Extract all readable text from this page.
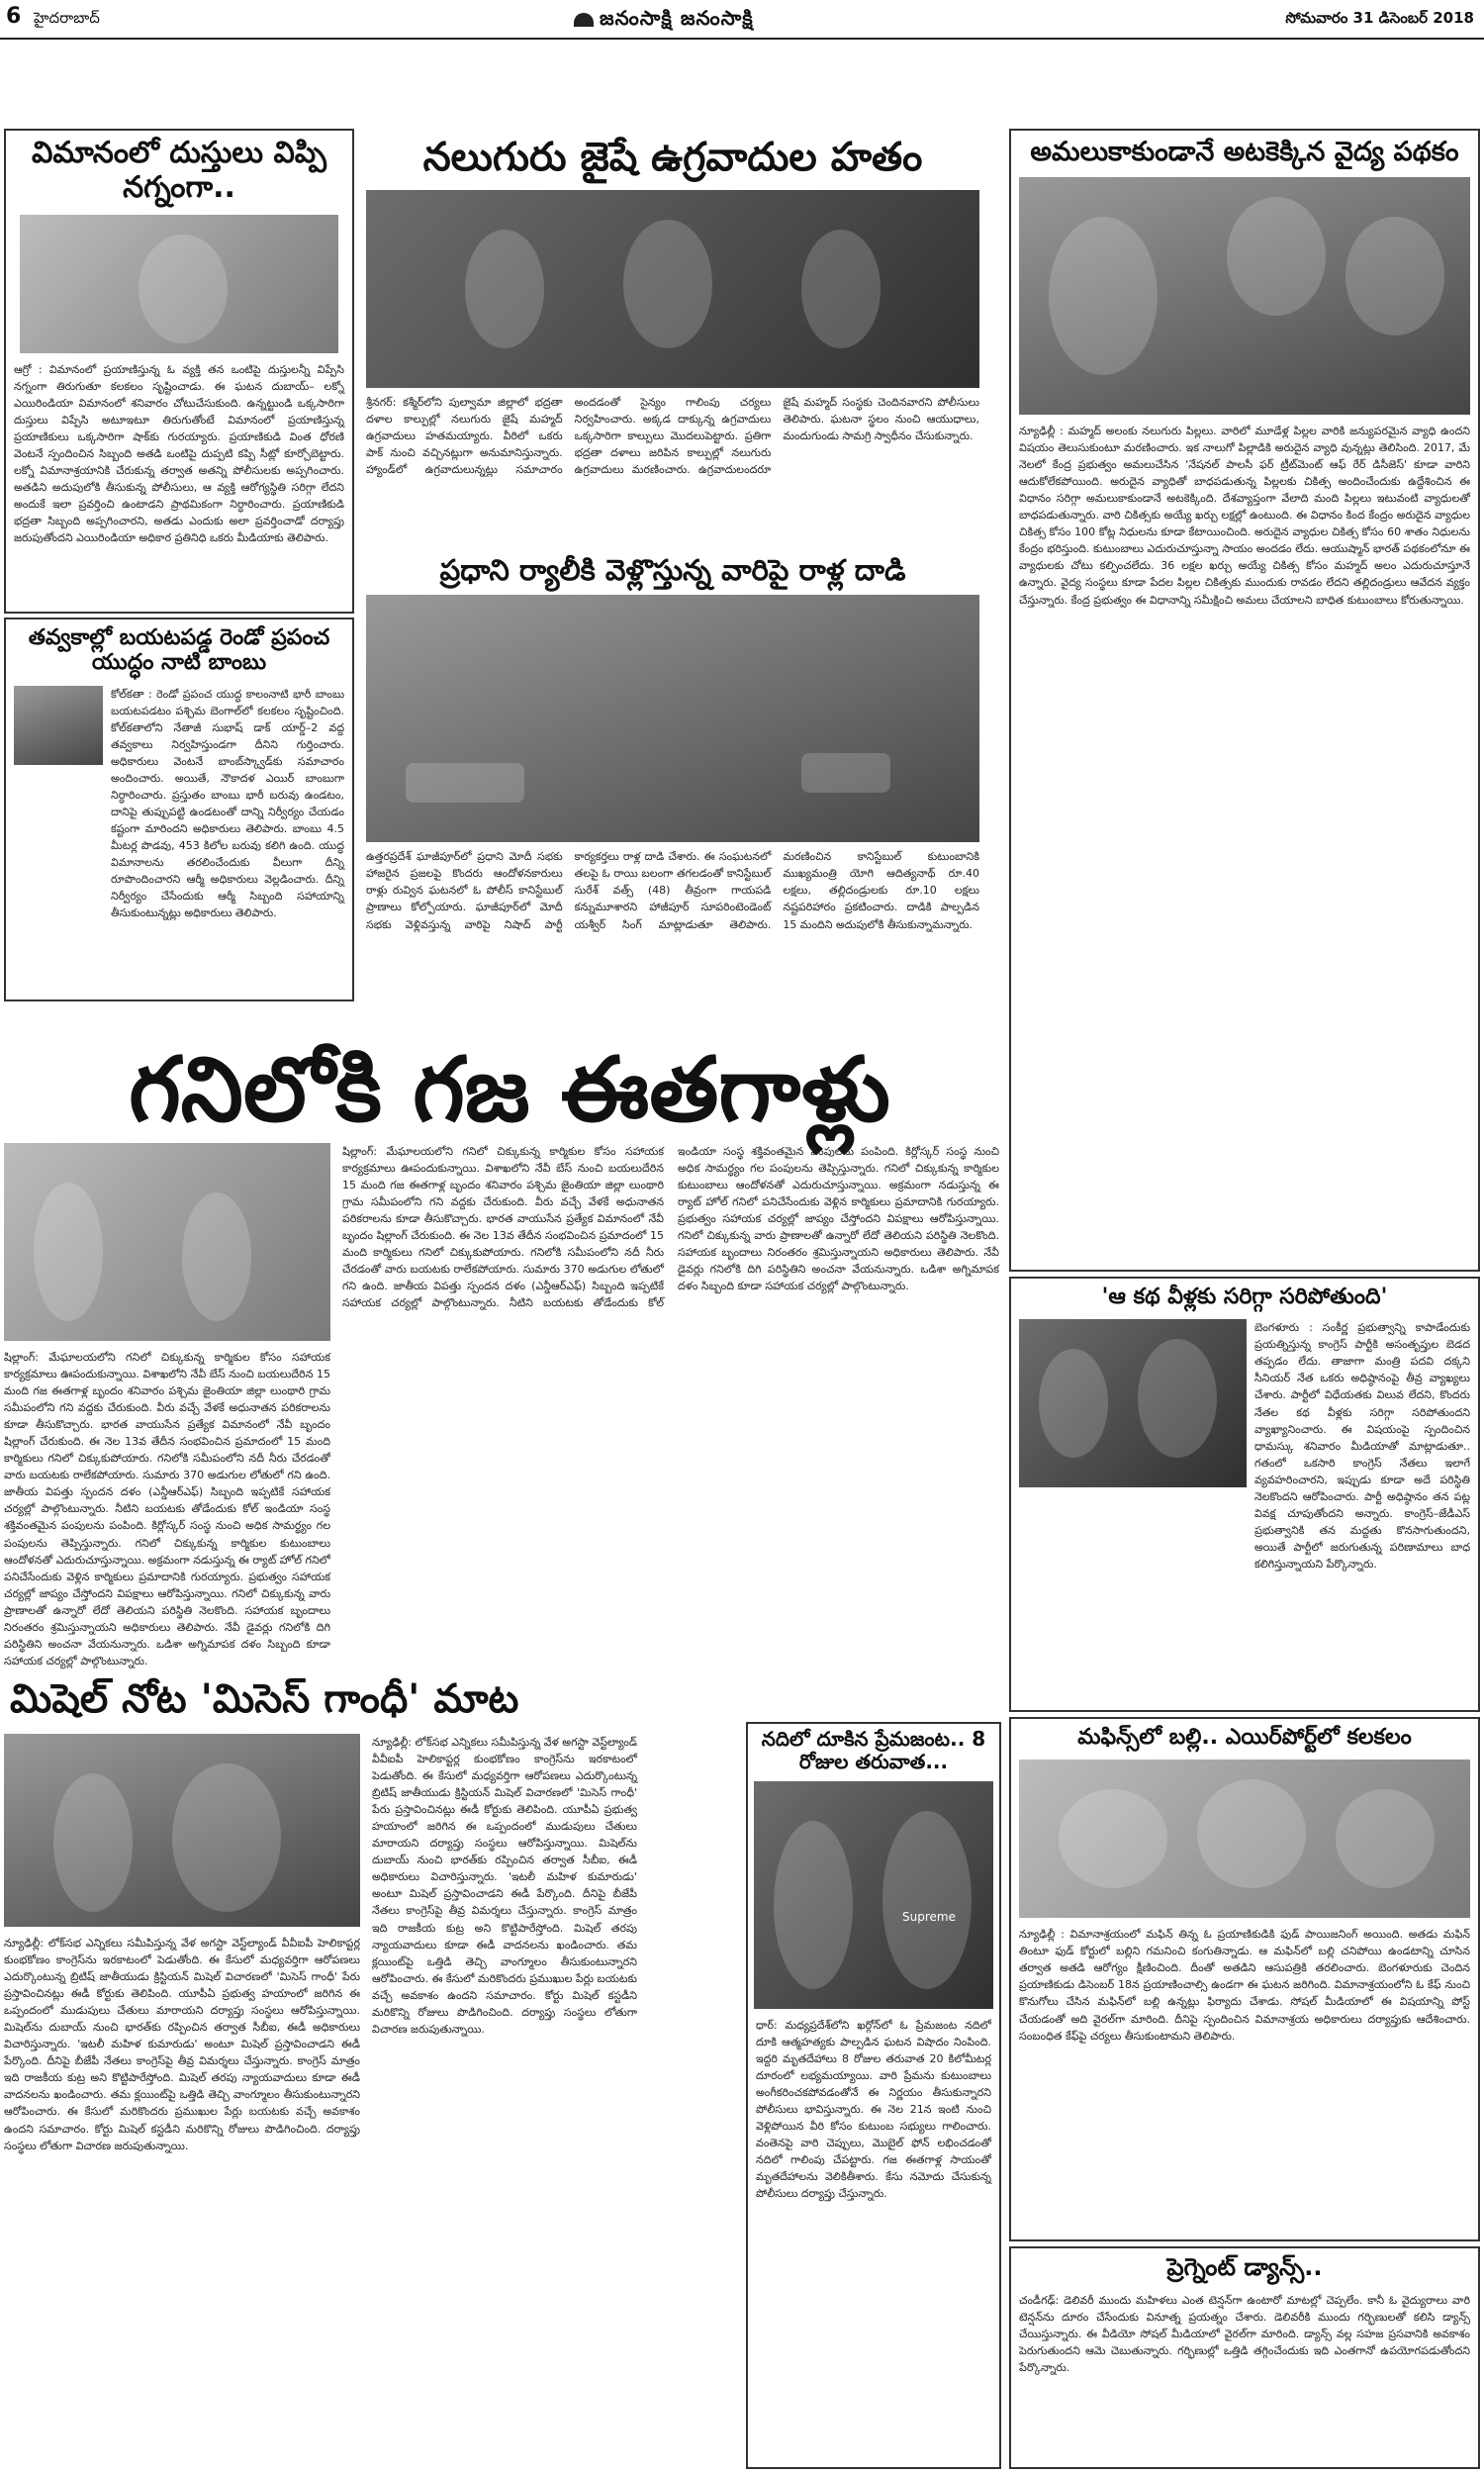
6 హైదరాబాద్	జనంసాక్షి జనంసాక్షి	సోమవారం 31 డిసెంబర్ 2018
విమానంలో దుస్తులు విప్పి నగ్నంగా..
ఆగ్రో : విమానంలో ప్రయాణిస్తున్న ఓ వ్యక్తి తన ఒంటిపై దుస్తులన్నీ విప్పేసి నగ్నంగా తిరుగుతూ కలకలం సృష్టించాడు. ఈ ఘటన దుబాయ్‌– లక్నో ఎయిరిండియా విమానంలో శనివారం చోటుచేసుకుంది. ఉన్నట్టుండి ఒక్కసారిగా దుస్తులు విప్పేసి అటూఇటూ తిరుగుతోంటే విమానంలో ప్రయాణిస్తున్న ప్రయాణికులు ఒక్కసారిగా షాక్‌కు గురయ్యారు. ప్రయాణికుడి వింత ధోరణి వెంటనే స్పందించిన సిబ్బంది అతడి ఒంటిపై దుప్పటి కప్పి సీట్లో కూర్చోబెట్టారు. లక్నో విమానాశ్రయానికి చేరుకున్న తర్వాత అతన్ని పోలీసులకు అప్పగించారు. అతడిని అదుపులోకి తీసుకున్న పోలీసులు, ఆ వ్యక్తి ఆరోగ్యస్థితి సరిగ్గా లేదని అందుకే ఇలా ప్రవర్తించి ఉంటాడని ప్రాథమికంగా నిర్ధారించారు. ప్రయాణికుడి భద్రతా సిబ్బంది అప్పగించారని, అతడు ఎందుకు అలా ప్రవర్తించాడో దర్యాప్తు జరుపుతోందని ఎయిరిండియా అధికార ప్రతినిధి ఒకరు మీడియాకు తెలిపారు.
తవ్వకాల్లో బయటపడ్డ రెండో ప్రపంచ యుద్ధం నాటి బాంబు
కోల్‌కతా : రెండో ప్రపంచ యుద్ధ కాలంనాటి భారీ బాంబు బయటపడటం పశ్చిమ బెంగాల్‌లో కలకలం సృష్టించింది. కోల్‌కతాలోని నేతాజీ సుభాష్‌ డాక్‌ యార్డ్‌–2 వద్ద తవ్వకాలు నిర్వహిస్తుండగా దీనిని గుర్తించారు. అధికారులు వెంటనే బాంబ్‌స్క్వాడ్‌కు సమాచారం అందించారు. అయితే, నౌకాదళ ఎయిర్‌ బాంబుగా నిర్ధారించారు. ప్రస్తుతం బాంబు భారీ బరువు ఉండటం, దానిపై తుప్పుపట్టి ఉండటంతో దాన్ని నిర్వీర్యం చేయడం కష్టంగా మారిందని అధికారులు తెలిపారు. బాంబు 4.5 మీటర్ల పొడవు, 453 కిలోల బరువు కలిగి ఉంది. యుద్ధ విమానాలను తరలించేందుకు వీలుగా దీన్ని రూపొందించారని ఆర్మీ అధికారులు వెల్లడించారు. దీన్ని నిర్వీర్యం చేసేందుకు ఆర్మీ సిబ్బంది సహాయాన్ని తీసుకుంటున్నట్లు అధికారులు తెలిపారు.
నలుగురు జైషే ఉగ్రవాదుల హతం
శ్రీనగర్‌: కశ్మీర్‌లోని పుల్వామా జిల్లాలో భద్రతా దళాల కాల్పుల్లో నలుగురు జైషే మహ్మద్‌ ఉగ్రవాదులు హతమయ్యారు. వీరిలో ఒకరు పాక్‌ నుంచి వచ్చినట్లుగా అనుమానిస్తున్నారు. హ్యాండ్‌లో ఉగ్రవాదులున్నట్లు సమాచారం అందడంతో సైన్యం గాలింపు చర్యలు నిర్వహించారు. అక్కడ దాక్కున్న ఉగ్రవాదులు ఒక్కసారిగా కాల్పులు మొదలుపెట్టారు. ప్రతిగా భద్రతా దళాలు జరిపిన కాల్పుల్లో నలుగురు ఉగ్రవాదులు మరణించారు. ఉగ్రవాదులందరూ జైషే మహ్మద్‌ సంస్థకు చెందినవారని పోలీసులు తెలిపారు. ఘటనా స్థలం నుంచి ఆయుధాలు, మందుగుండు సామగ్రి స్వాధీనం చేసుకున్నారు.
ప్రధాని ర్యాలీకి వెళ్లొస్తున్న వారిపై రాళ్ల దాడి
ఉత్తరప్రదేశ్‌ ఘాజీపూర్‌లో ప్రధాని మోదీ సభకు హాజరైన ప్రజలపై కొందరు ఆందోళనకారులు రాళ్లు రువ్విన ఘటనలో ఓ పోలీస్‌ కానిస్టేబుల్‌ ప్రాణాలు కోల్పోయారు. ఘాజీపూర్‌లో మోదీ సభకు వెళ్లివస్తున్న వారిపై నిషాద్‌ పార్టీ కార్యకర్తలు రాళ్ల దాడి చేశారు. ఈ సంఘటనలో తలపై ఓ రాయి బలంగా తగలడంతో కానిస్టేబుల్‌ సురేశ్‌ వత్స్‌ (48) తీవ్రంగా గాయపడి కన్నుమూశారని హాజీపూర్‌ సూపరింటెండెంట్‌ యశ్వీర్‌ సింగ్‌ మాట్లాడుతూ తెలిపారు. మరణించిన కానిస్టేబుల్‌ కుటుంబానికి ముఖ్యమంత్రి యోగి ఆదిత్యనాథ్‌ రూ.40 లక్షలు, తల్లిదండ్రులకు రూ.10 లక్షలు నష్టపరిహారం ప్రకటించారు. దాడికి పాల్పడిన 15 మందిని అదుపులోకి తీసుకున్నామన్నారు.
అమలుకాకుండానే అటకెక్కిన వైద్య పథకం
న్యూఢిల్లీ : మహ్మద్‌ అలంకు నలుగురు పిల్లలు. వారిలో మూడేళ్ల పిల్లల వారికి జన్యుపరమైన వ్యాధి ఉందని విషయం తెలుసుకుంటూ మరణించారు. ఇక నాలుగో పిల్లాడికి అరుదైన వ్యాధి వున్నట్లు తెలిసింది. 2017, మే నెలలో కేంద్ర ప్రభుత్వం అమలుచేసిన 'నేషనల్‌ పాలసీ ఫర్‌ ట్రీట్‌మెంట్‌ ఆఫ్‌ రేర్‌ డిసీజెస్‌' కూడా వారిని ఆదుకోలేకపోయింది. అరుదైన వ్యాధితో బాధపడుతున్న పిల్లలకు చికిత్స అందించేందుకు ఉద్దేశించిన ఈ విధానం సరిగ్గా అమలుకాకుండానే అటకెక్కింది. దేశవ్యాప్తంగా వేలాది మంది పిల్లలు ఇటువంటి వ్యాధులతో బాధపడుతున్నారు. వారి చికిత్సకు అయ్యే ఖర్చు లక్షల్లో ఉంటుంది. ఈ విధానం కింద కేంద్రం అరుదైన వ్యాధుల చికిత్స కోసం 100 కోట్ల నిధులను కూడా కేటాయించింది. అరుదైన వ్యాధుల చికిత్స కోసం 60 శాతం నిధులను కేంద్రం భరిస్తుంది. కుటుంబాలు ఎదురుచూస్తున్నా సాయం అందడం లేదు. ఆయుష్మాన్‌ భారత్‌ పథకంలోనూ ఈ వ్యాధులకు చోటు కల్పించలేదు. 36 లక్షల ఖర్చు అయ్యే చికిత్స కోసం మహ్మద్‌ అలం ఎదురుచూస్తూనే ఉన్నారు. వైద్య సంస్థలు కూడా పేదల పిల్లల చికిత్సకు ముందుకు రావడం లేదని తల్లిదండ్రులు ఆవేదన వ్యక్తం చేస్తున్నారు. కేంద్ర ప్రభుత్వం ఈ విధానాన్ని సమీక్షించి అమలు చేయాలని బాధిత కుటుంబాలు కోరుతున్నాయి.
గనిలోకి గజ ఈతగాళ్లు
షిల్లాంగ్‌: మేఘాలయలోని గనిలో చిక్కుకున్న కార్మికుల కోసం సహాయక కార్యక్రమాలు ఊపందుకున్నాయి. విశాఖలోని నేవీ బేస్‌ నుంచి బయలుదేరిన 15 మంది గజ ఈతగాళ్ల బృందం శనివారం పశ్చిమ జైంతియా జిల్లా లుంథారి గ్రామ సమీపంలోని గని వద్దకు చేరుకుంది. వీరు వచ్చే వేళకే అధునాతన పరికరాలను కూడా తీసుకొచ్చారు. భారత వాయుసేన ప్రత్యేక విమానంలో నేవీ బృందం షిల్లాంగ్‌ చేరుకుంది. ఈ నెల 13వ తేదీన సంభవించిన ప్రమాదంలో 15 మంది కార్మికులు గనిలో చిక్కుకుపోయారు. గనిలోకి సమీపంలోని నదీ నీరు చేరడంతో వారు బయటకు రాలేకపోయారు. సుమారు 370 అడుగుల లోతులో గని ఉంది. జాతీయ విపత్తు స్పందన దళం (ఎన్డీఆర్‌ఎఫ్‌) సిబ్బంది ఇప్పటికే సహాయక చర్యల్లో పాల్గొంటున్నారు. నీటిని బయటకు తోడేందుకు కోల్‌ ఇండియా సంస్థ శక్తివంతమైన పంపులను పంపింది. కిర్లోస్కర్‌ సంస్థ నుంచి అధిక సామర్థ్యం గల పంపులను తెప్పిస్తున్నారు. గనిలో చిక్కుకున్న కార్మికుల కుటుంబాలు ఆందోళనతో ఎదురుచూస్తున్నాయి. అక్రమంగా నడుస్తున్న ఈ ర్యాట్‌ హోల్‌ గనిలో పనిచేసేందుకు వెళ్లిన కార్మికులు ప్రమాదానికి గురయ్యారు. ప్రభుత్వం సహాయక చర్యల్లో జాప్యం చేస్తోందని విపక్షాలు ఆరోపిస్తున్నాయి. గనిలో చిక్కుకున్న వారు ప్రాణాలతో ఉన్నారో లేదో తెలియని పరిస్థితి నెలకొంది. సహాయక బృందాలు నిరంతరం శ్రమిస్తున్నాయని అధికారులు తెలిపారు. నేవీ డైవర్లు గనిలోకి దిగి పరిస్థితిని అంచనా వేయనున్నారు. ఒడిశా అగ్నిమాపక దళం సిబ్బంది కూడా సహాయక చర్యల్లో పాల్గొంటున్నారు.
షిల్లాంగ్‌: మేఘాలయలోని గనిలో చిక్కుకున్న కార్మికుల కోసం సహాయక కార్యక్రమాలు ఊపందుకున్నాయి. విశాఖలోని నేవీ బేస్‌ నుంచి బయలుదేరిన 15 మంది గజ ఈతగాళ్ల బృందం శనివారం పశ్చిమ జైంతియా జిల్లా లుంథారి గ్రామ సమీపంలోని గని వద్దకు చేరుకుంది. వీరు వచ్చే వేళకే అధునాతన పరికరాలను కూడా తీసుకొచ్చారు. భారత వాయుసేన ప్రత్యేక విమానంలో నేవీ బృందం షిల్లాంగ్‌ చేరుకుంది. ఈ నెల 13వ తేదీన సంభవించిన ప్రమాదంలో 15 మంది కార్మికులు గనిలో చిక్కుకుపోయారు. గనిలోకి సమీపంలోని నదీ నీరు చేరడంతో వారు బయటకు రాలేకపోయారు. సుమారు 370 అడుగుల లోతులో గని ఉంది. జాతీయ విపత్తు స్పందన దళం (ఎన్డీఆర్‌ఎఫ్‌) సిబ్బంది ఇప్పటికే సహాయక చర్యల్లో పాల్గొంటున్నారు. నీటిని బయటకు తోడేందుకు కోల్‌ ఇండియా సంస్థ శక్తివంతమైన పంపులను పంపింది. కిర్లోస్కర్‌ సంస్థ నుంచి అధిక సామర్థ్యం గల పంపులను తెప్పిస్తున్నారు. గనిలో చిక్కుకున్న కార్మికుల కుటుంబాలు ఆందోళనతో ఎదురుచూస్తున్నాయి. అక్రమంగా నడుస్తున్న ఈ ర్యాట్‌ హోల్‌ గనిలో పనిచేసేందుకు వెళ్లిన కార్మికులు ప్రమాదానికి గురయ్యారు. ప్రభుత్వం సహాయక చర్యల్లో జాప్యం చేస్తోందని విపక్షాలు ఆరోపిస్తున్నాయి. గనిలో చిక్కుకున్న వారు ప్రాణాలతో ఉన్నారో లేదో తెలియని పరిస్థితి నెలకొంది. సహాయక బృందాలు నిరంతరం శ్రమిస్తున్నాయని అధికారులు తెలిపారు. నేవీ డైవర్లు గనిలోకి దిగి పరిస్థితిని అంచనా వేయనున్నారు. ఒడిశా అగ్నిమాపక దళం సిబ్బంది కూడా సహాయక చర్యల్లో పాల్గొంటున్నారు.	'ఆ కథ వీళ్లకు సరిగ్గా సరిపోతుంది'
బెంగళూరు : సంకీర్ణ ప్రభుత్వాన్ని కాపాడేందుకు ప్రయత్నిస్తున్న కాంగ్రెస్‌ పార్టీకి అసంతృప్తుల బెడద తప్పడం లేదు. తాజాగా మంత్రి పదవి దక్కని సీనియర్‌ నేత ఒకరు అధిష్ఠానంపై తీవ్ర వ్యాఖ్యలు చేశారు. పార్టీలో విధేయతకు విలువ లేదని, కొందరు నేతల కథ వీళ్లకు సరిగ్గా సరిపోతుందని వ్యాఖ్యానించారు. ఈ విషయంపై స్పందించిన ధామస్కు శనివారం మీడియాతో మాట్లాడుతూ.. గతంలో ఒకసారి కాంగ్రెస్‌ నేతలు ఇలాగే వ్యవహరించారని, ఇప్పుడు కూడా అదే పరిస్థితి నెలకొందని ఆరోపించారు. పార్టీ అధిష్ఠానం తన పట్ల వివక్ష చూపుతోందని అన్నారు. కాంగ్రెస్‌–జేడీఎస్‌ ప్రభుత్వానికి తన మద్దతు కొనసాగుతుందని, అయితే పార్టీలో జరుగుతున్న పరిణామాలు బాధ కలిగిస్తున్నాయని పేర్కొన్నారు.
మిషెల్‌ నోట 'మిసెస్‌ గాంధీ' మాట
న్యూఢిల్లీ: లోక్‌సభ ఎన్నికలు సమీపిస్తున్న వేళ అగస్టా వెస్ట్‌ల్యాండ్‌ వీవీఐపీ హెలికాప్టర్ల కుంభకోణం కాంగ్రెస్‌ను ఇరకాటంలో పెడుతోంది. ఈ కేసులో మధ్యవర్తిగా ఆరోపణలు ఎదుర్కొంటున్న బ్రిటిష్‌ జాతీయుడు క్రిస్టియన్‌ మిషెల్‌ విచారణలో 'మిసెస్‌ గాంధీ' పేరు ప్రస్తావించినట్లు ఈడీ కోర్టుకు తెలిపింది. యూపీఏ ప్రభుత్వ హయాంలో జరిగిన ఈ ఒప్పందంలో ముడుపులు చేతులు మారాయని దర్యాప్తు సంస్థలు ఆరోపిస్తున్నాయి. మిషెల్‌ను దుబాయ్‌ నుంచి భారత్‌కు రప్పించిన తర్వాత సీబీఐ, ఈడీ అధికారులు విచారిస్తున్నారు. 'ఇటలీ మహిళ కుమారుడు' అంటూ మిషెల్‌ ప్రస్తావించాడని ఈడీ పేర్కొంది. దీనిపై బీజేపీ నేతలు కాంగ్రెస్‌పై తీవ్ర విమర్శలు చేస్తున్నారు. కాంగ్రెస్‌ మాత్రం ఇది రాజకీయ కుట్ర అని కొట్టిపారేస్తోంది. మిషెల్‌ తరపు న్యాయవాదులు కూడా ఈడీ వాదనలను ఖండించారు. తమ క్లయింట్‌పై ఒత్తిడి తెచ్చి వాంగ్మూలం తీసుకుంటున్నారని ఆరోపించారు. ఈ కేసులో మరికొందరు ప్రముఖుల పేర్లు బయటకు వచ్చే అవకాశం ఉందని సమాచారం. కోర్టు మిషెల్‌ కస్టడీని మరికొన్ని రోజులు పొడిగించింది. దర్యాప్తు సంస్థలు లోతుగా విచారణ జరుపుతున్నాయి.
న్యూఢిల్లీ: లోక్‌సభ ఎన్నికలు సమీపిస్తున్న వేళ అగస్టా వెస్ట్‌ల్యాండ్‌ వీవీఐపీ హెలికాప్టర్ల కుంభకోణం కాంగ్రెస్‌ను ఇరకాటంలో పెడుతోంది. ఈ కేసులో మధ్యవర్తిగా ఆరోపణలు ఎదుర్కొంటున్న బ్రిటిష్‌ జాతీయుడు క్రిస్టియన్‌ మిషెల్‌ విచారణలో 'మిసెస్‌ గాంధీ' పేరు ప్రస్తావించినట్లు ఈడీ కోర్టుకు తెలిపింది. యూపీఏ ప్రభుత్వ హయాంలో జరిగిన ఈ ఒప్పందంలో ముడుపులు చేతులు మారాయని దర్యాప్తు సంస్థలు ఆరోపిస్తున్నాయి. మిషెల్‌ను దుబాయ్‌ నుంచి భారత్‌కు రప్పించిన తర్వాత సీబీఐ, ఈడీ అధికారులు విచారిస్తున్నారు. 'ఇటలీ మహిళ కుమారుడు' అంటూ మిషెల్‌ ప్రస్తావించాడని ఈడీ పేర్కొంది. దీనిపై బీజేపీ నేతలు కాంగ్రెస్‌పై తీవ్ర విమర్శలు చేస్తున్నారు. కాంగ్రెస్‌ మాత్రం ఇది రాజకీయ కుట్ర అని కొట్టిపారేస్తోంది. మిషెల్‌ తరపు న్యాయవాదులు కూడా ఈడీ వాదనలను ఖండించారు. తమ క్లయింట్‌పై ఒత్తిడి తెచ్చి వాంగ్మూలం తీసుకుంటున్నారని ఆరోపించారు. ఈ కేసులో మరికొందరు ప్రముఖుల పేర్లు బయటకు వచ్చే అవకాశం ఉందని సమాచారం. కోర్టు మిషెల్‌ కస్టడీని మరికొన్ని రోజులు పొడిగించింది. దర్యాప్తు సంస్థలు లోతుగా విచారణ జరుపుతున్నాయి.
నదిలో దూకిన ప్రేమజంట.. 8 రోజుల తరువాత...
Supreme
ధార్‌: మధ్యప్రదేశ్‌లోని ఖర్గోన్‌లో ఓ ప్రేమజంట నదిలో దూకి ఆత్మహత్యకు పాల్పడిన ఘటన విషాదం నింపింది. ఇద్దరి మృతదేహాలు 8 రోజుల తరువాత 20 కిలోమీటర్ల దూరంలో లభ్యమయ్యాయి. వారి ప్రేమను కుటుంబాలు అంగీకరించకపోవడంతోనే ఈ నిర్ణయం తీసుకున్నారని పోలీసులు భావిస్తున్నారు. ఈ నెల 21న ఇంటి నుంచి వెళ్లిపోయిన వీరి కోసం కుటుంబ సభ్యులు గాలించారు. వంతెనపై వారి చెప్పులు, మొబైల్‌ ఫోన్‌ లభించడంతో నదిలో గాలింపు చేపట్టారు. గజ ఈతగాళ్ల సాయంతో మృతదేహాలను వెలికితీశారు. కేసు నమోదు చేసుకున్న పోలీసులు దర్యాప్తు చేస్తున్నారు.
మఫిన్స్‌లో బల్లి.. ఎయిర్‌పోర్ట్‌లో కలకలం
న్యూఢిల్లీ : విమానాశ్రయంలో మఫిన్‌ తిన్న ఓ ప్రయాణికుడికి ఫుడ్‌ పాయిజనింగ్‌ అయింది. అతడు మఫిన్‌ తింటూ ఫుడ్‌ కోర్టులో బల్లిని గమనించి కంగుతిన్నాడు. ఆ మఫిన్‌లో బల్లి చనిపోయి ఉండటాన్ని చూసిన తర్వాత అతడి ఆరోగ్యం క్షీణించింది. దీంతో అతడిని ఆసుపత్రికి తరలించారు. బెంగళూరుకు చెందిన ప్రయాణికుడు డిసెంబర్‌ 18న ప్రయాణించాల్సి ఉండగా ఈ ఘటన జరిగింది. విమానాశ్రయంలోని ఓ కేఫ్‌ నుంచి కొనుగోలు చేసిన మఫిన్‌లో బల్లి ఉన్నట్లు ఫిర్యాదు చేశాడు. సోషల్‌ మీడియాలో ఈ విషయాన్ని పోస్ట్‌ చేయడంతో అది వైరల్‌గా మారింది. దీనిపై స్పందించిన విమానాశ్రయ అధికారులు దర్యాప్తుకు ఆదేశించారు. సంబంధిత కేఫ్‌పై చర్యలు తీసుకుంటామని తెలిపారు.
ప్రెగ్నెంట్‌ డ్యాన్స్‌..
చండీగఢ్‌: డెలివరీ ముందు మహిళలు ఎంత టెన్షన్‌గా ఉంటారో మాటల్లో చెప్పలేం. కానీ ఓ వైద్యురాలు వారి టెన్షన్‌ను దూరం చేసేందుకు వినూత్న ప్రయత్నం చేశారు. డెలివరీకి ముందు గర్భిణులతో కలిసి డ్యాన్స్‌ చేయిస్తున్నారు. ఈ వీడియో సోషల్‌ మీడియాలో వైరల్‌గా మారింది. డ్యాన్స్‌ వల్ల సహజ ప్రసవానికి అవకాశం పెరుగుతుందని ఆమె చెబుతున్నారు. గర్భిణుల్లో ఒత్తిడి తగ్గించేందుకు ఇది ఎంతగానో ఉపయోగపడుతోందని పేర్కొన్నారు.
